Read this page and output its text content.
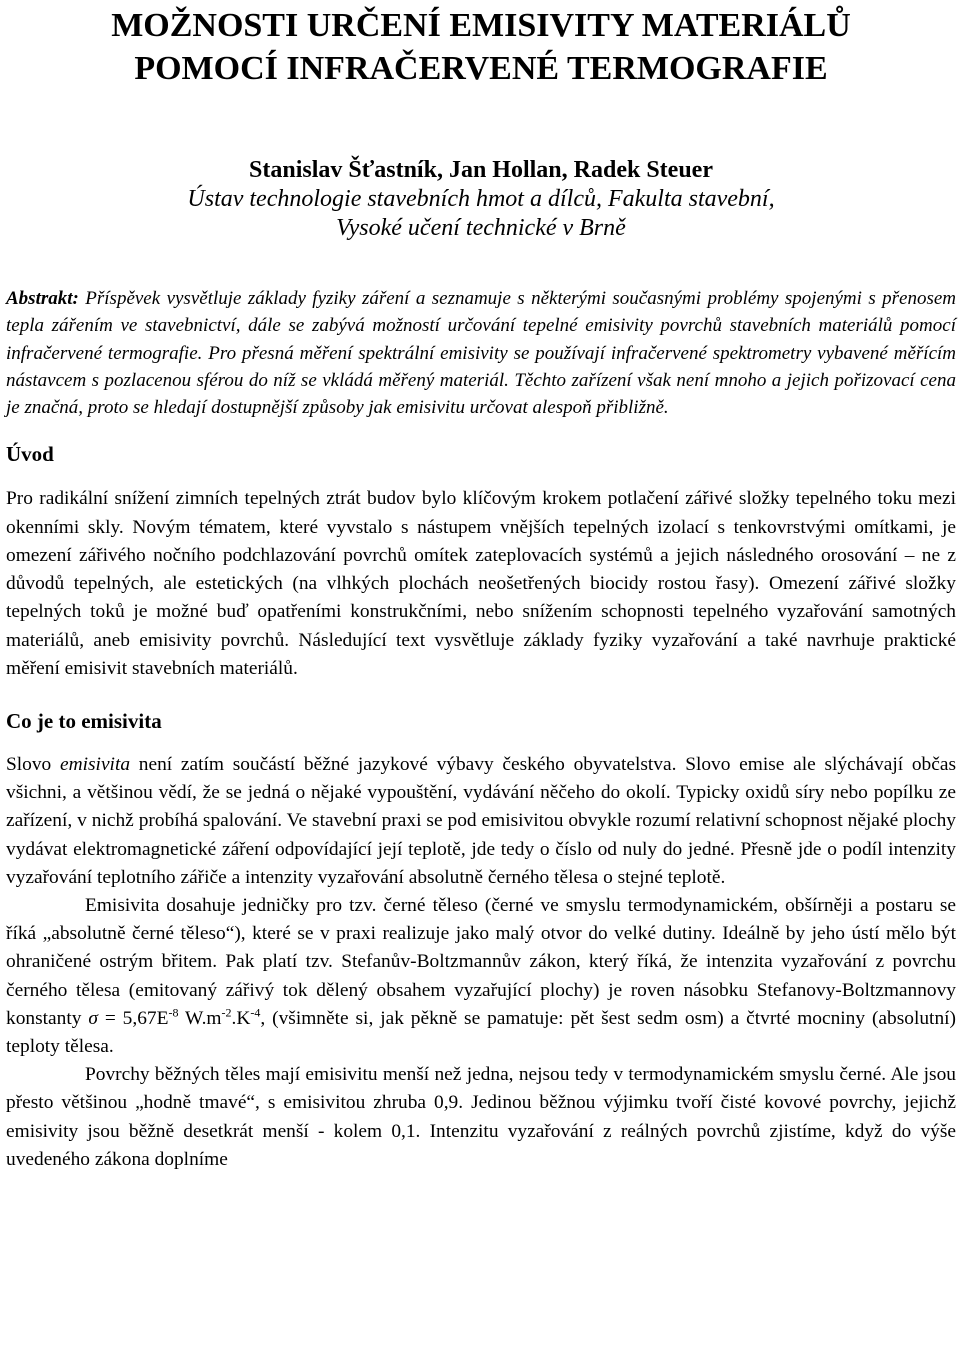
MOŽNOSTI URČENÍ EMISIVITY MATERIÁLŮ
POMOCÍ INFRAČERVENÉ TERMOGRAFIE
Stanislav Šťastník, Jan Hollan, Radek Steuer
Ústav technologie stavebních hmot a dílců, Fakulta stavební,
Vysoké učení technické v Brně

Abstrakt: Příspěvek vysvětluje základy fyziky záření a seznamuje s některými současnými problémy spojenými s přenosem tepla zářením ve stavebnictví, dále se zabývá možností určování tepelné emisivity povrchů stavebních materiálů pomocí infračervené termografie. Pro přesná měření spektrální emisivity se používají infračervené spektrometry vybavené měřícím nástavcem s pozlacenou sférou do níž se vkládá měřený materiál. Těchto zařízení však není mnoho a jejich pořizovací cena je značná, proto se hledají dostupnější způsoby jak emisivitu určovat alespoň přibližně.

Úvod

Pro radikální snížení zimních tepelných ztrát budov bylo klíčovým krokem potlačení zářivé složky tepelného toku mezi okenními skly. Novým tématem, které vyvstalo s nástupem vnějších tepelných izolací s tenkovrstvými omítkami, je omezení zářivého nočního podchlazování povrchů omítek zateplovacích systémů a jejich následného orosování – ne z důvodů tepelných, ale estetických (na vlhkých plochách neošetřených biocidy rostou řasy). Omezení zářivé složky tepelných toků je možné buď opatřeními konstrukčními, nebo snížením schopnosti tepelného vyzařování samotných materiálů, aneb emisivity povrchů. Následující text vysvětluje základy fyziky vyzařování a také navrhuje praktické měření emisivit stavebních materiálů.

Co je to emisivita

Slovo emisivita není zatím součástí běžné jazykové výbavy českého obyvatelstva. Slovo emise ale slýchávají občas všichni, a většinou vědí, že se jedná o nějaké vypouštění, vydávání něčeho do okolí. Typicky oxidů síry nebo popílku ze zařízení, v nichž probíhá spalování. Ve stavební praxi se pod emisivitou obvykle rozumí relativní schopnost nějaké plochy vydávat elektromagnetické záření odpovídající její teplotě, jde tedy o číslo od nuly do jedné. Přesně jde o podíl intenzity vyzařování teplotního zářiče a intenzity vyzařování absolutně černého tělesa o stejné teplotě.

Emisivita dosahuje jedničky pro tzv. černé těleso (černé ve smyslu termodynamickém, obšírněji a postaru se říká „absolutně černé těleso“), které se v praxi realizuje jako malý otvor do velké dutiny. Ideálně by jeho ústí mělo být ohraničené ostrým břitem. Pak platí tzv. Stefanův-Boltzmannův zákon, který říká, že intenzita vyzařování z povrchu černého tělesa (emitovaný zářivý tok dělený obsahem vyzařující plochy) je roven násobku Stefanovy-Boltzmannovy konstanty $\sigma = 5,67E^{-8}$ $W.m^{-2}.K^{-4}$, (všimněte si, jak pěkně se pamatuje: pět šest sedm osm) a čtvrté mocniny (absolutní) teploty tělesa.

Povrchy běžných těles mají emisivitu menší než jedna, nejsou tedy v termodynamickém smyslu černé. Ale jsou přesto většinou „hodně tmavé“, s emisivitou zhruba 0,9. Jedinou běžnou výjimku tvoří čisté kovové povrchy, jejichž emisivity jsou běžně desetkrát menší - kolem 0,1. Intenzitu vyzařování z reálných povrchů zjistíme, když do výše uvedeného zákona doplníme
